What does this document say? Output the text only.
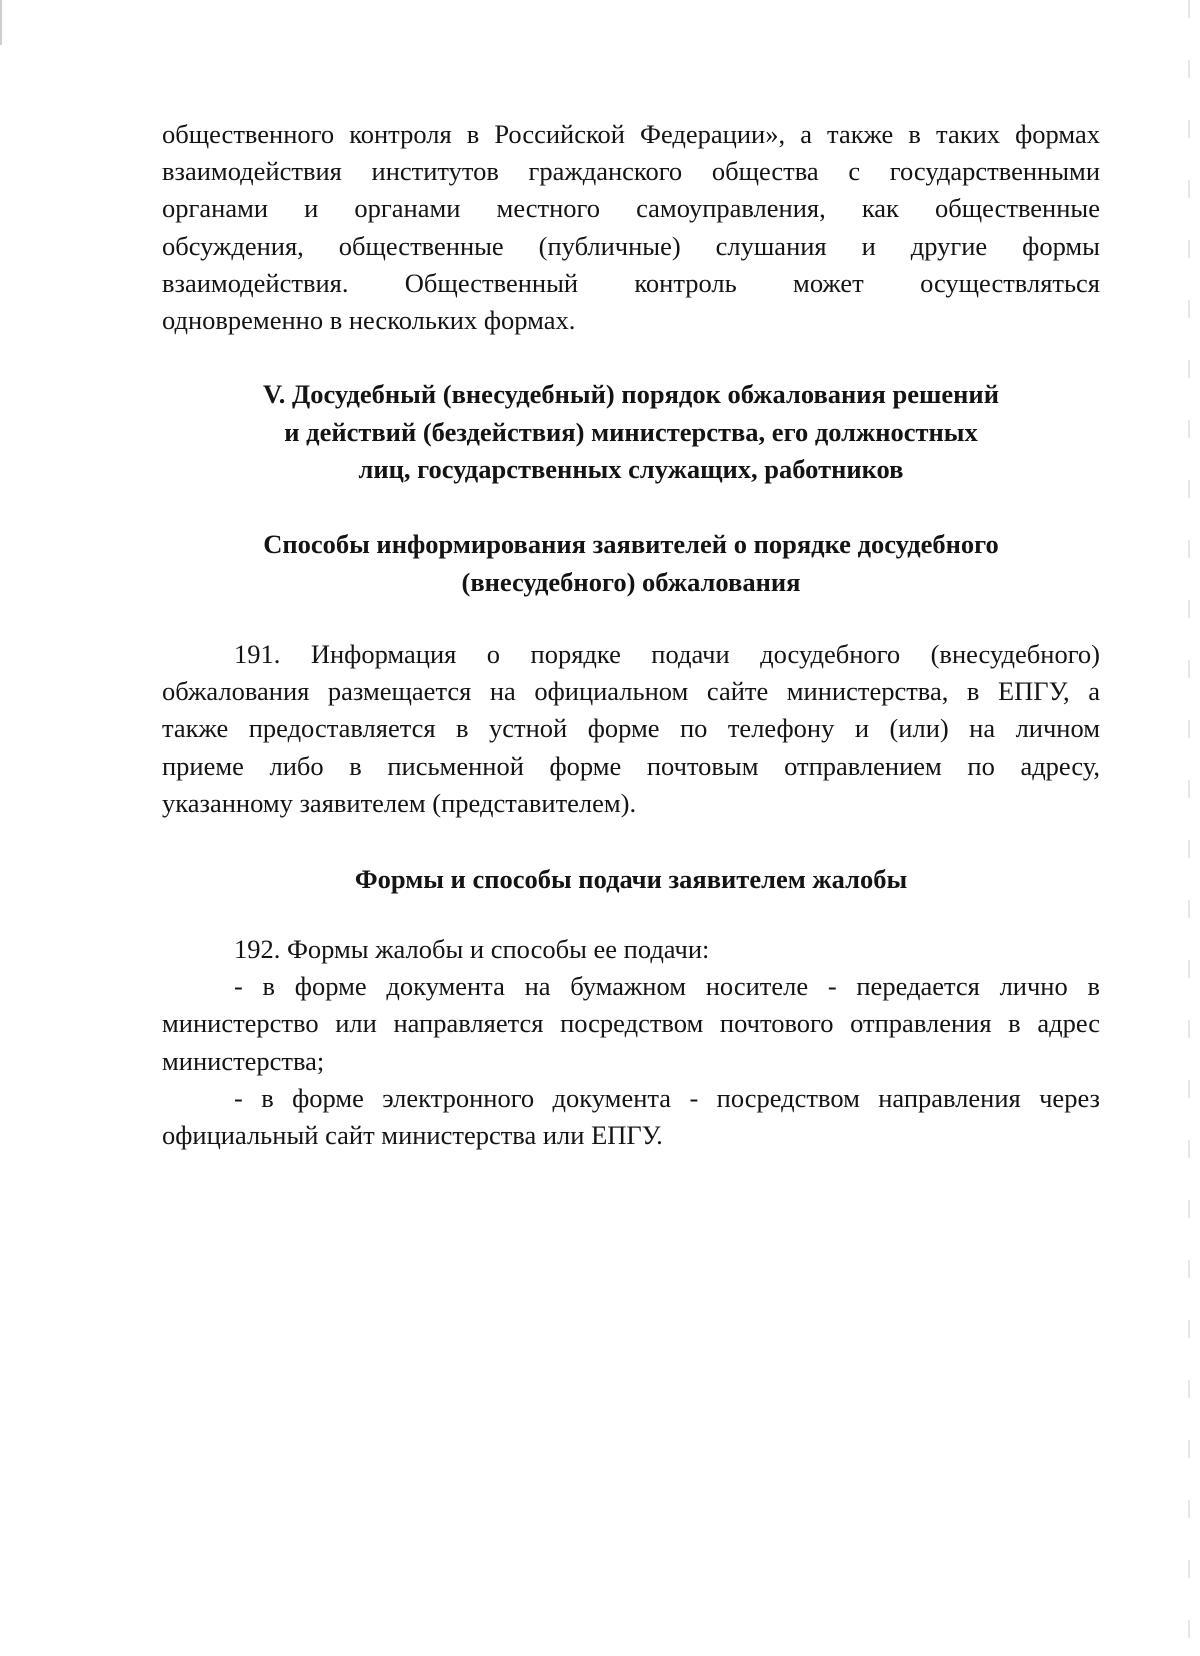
общественного контроля в Российской Федерации», а также в таких формах
взаимодействия институтов гражданского общества с государственными
органами и органами местного самоуправления, как общественные
обсуждения, общественные (публичные) слушания и другие формы
взаимодействия. Общественный контроль может осуществляться
одновременно в нескольких формах.
V. Досудебный (внесудебный) порядок обжалования решений
и действий (бездействия) министерства, его должностных
лиц, государственных служащих, работников
Способы информирования заявителей о порядке досудебного
(внесудебного) обжалования
191. Информация о порядке подачи досудебного (внесудебного)
обжалования размещается на официальном сайте министерства, в ЕПГУ, а
также предоставляется в устной форме по телефону и (или) на личном
приеме либо в письменной форме почтовым отправлением по адресу,
указанному заявителем (представителем).
Формы и способы подачи заявителем жалобы
192. Формы жалобы и способы ее подачи:
- в форме документа на бумажном носителе - передается лично в
министерство или направляется посредством почтового отправления в адрес
министерства;
- в форме электронного документа - посредством направления через
официальный сайт министерства или ЕПГУ.
